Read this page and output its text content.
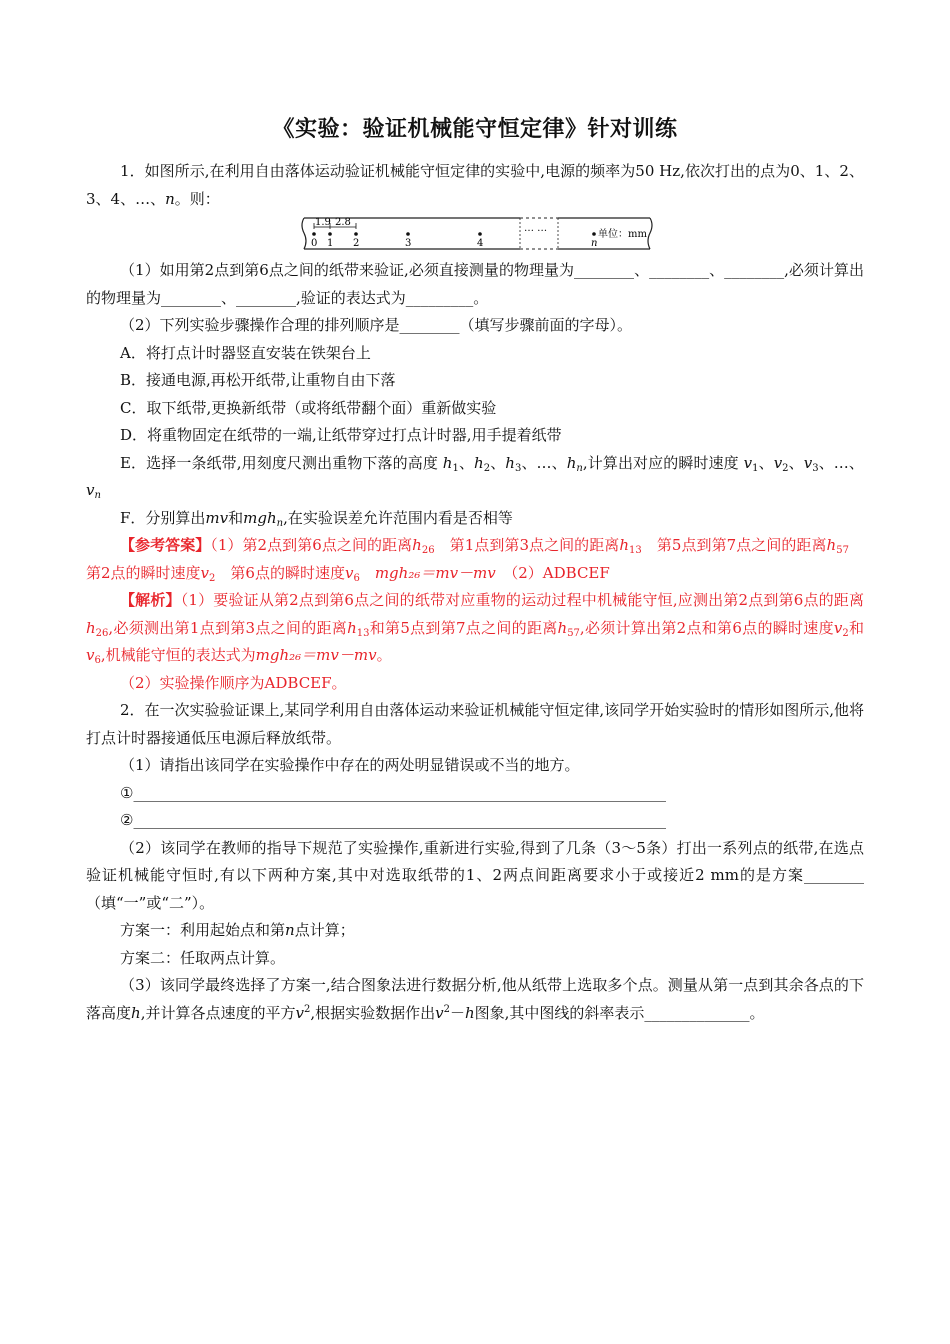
《实验：验证机械能守恒定律》针对训练

1．如图所示,在利用自由落体运动验证机械能守恒定律的实验中,电源的频率为50 Hz,依次打出的点为0、1、2、3、4、…、n。则：

1.9 2.8
0 1 2	3	4
… …
n
单位：mm

（1）如用第2点到第6点之间的纸带来验证,必须直接测量的物理量为________、________、________,必须计算出的物理量为________、________,验证的表达式为_________。

（2）下列实验步骤操作合理的排列顺序是________（填写步骤前面的字母）。

A．将打点计时器竖直安装在铁架台上

B．接通电源,再松开纸带,让重物自由下落

C．取下纸带,更换新纸带（或将纸带翻个面）重新做实验

D．将重物固定在纸带的一端,让纸带穿过打点计时器,用手提着纸带

E．选择一条纸带,用刻度尺测出重物下落的高度 $h_1$、$h_2$、$h_3$、…、$h_n$,计算出对应的瞬时速度 $v_1$、$v_2$、$v_3$、…、$v_n$

F．分别算出mv和mgh$_n$,在实验误差允许范围内看是否相等

【参考答案】（1）第2点到第6点之间的距离$h_{26}$　第1点到第3点之间的距离$h_{13}$　第5点到第7点之间的距离$h_{57}$　第2点的瞬时速度$v_2$　第6点的瞬时速度$v_6$　 mgh₂₆＝mv－mv　（2）ADBCEF

【解析】（1）要验证从第2点到第6点之间的纸带对应重物的运动过程中机械能守恒,应测出第2点到第6点的距离$h_{26}$,必须测出第1点到第3点之间的距离$h_{13}$和第5点到第7点之间的距离$h_{57}$,必须计算出第2点和第6点的瞬时速度$v_2$和$v_6$,机械能守恒的表达式为mgh₂₆＝mv－mv。

（2）实验操作顺序为ADBCEF。

2．在一次实验验证课上,某同学利用自由落体运动来验证机械能守恒定律,该同学开始实验时的情形如图所示,他将打点计时器接通低压电源后释放纸带。

（1）请指出该同学在实验操作中存在的两处明显错误或不当的地方。

①_______________________________________________________________________

②_______________________________________________________________________

（2）该同学在教师的指导下规范了实验操作,重新进行实验,得到了几条（3～5条）打出一系列点的纸带,在选点验证机械能守恒时,有以下两种方案,其中对选取纸带的1、2两点间距离要求小于或接近2 mm的是方案________（填“一”或“二”）。

方案一：利用起始点和第n点计算；

方案二：任取两点计算。

（3）该同学最终选择了方案一,结合图象法进行数据分析,他从纸带上选取多个点。测量从第一点到其余各点的下落高度h,并计算各点速度的平方$v^2$,根据实验数据作出$v^2-h$图象,其中图线的斜率表示______________。
